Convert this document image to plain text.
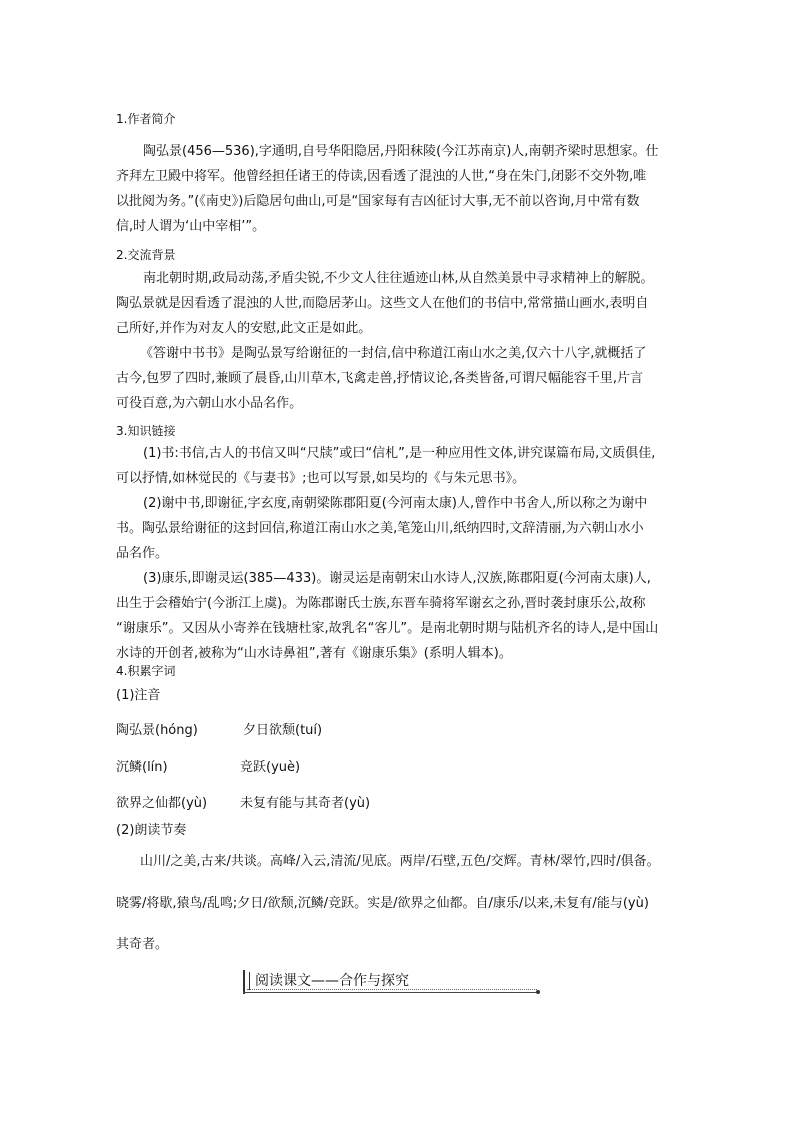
1.作者简介
陶弘景(456—536),字通明,自号华阳隐居,丹阳秣陵(今江苏南京)人,南朝齐梁时思想家。仕
齐拜左卫殿中将军。他曾经担任诸王的侍读,因看透了混浊的人世,“身在朱门,闭影不交外物,唯
以批阅为务。”(《南史》)后隐居句曲山,可是“国家每有吉凶征讨大事,无不前以咨询,月中常有数
信,时人谓为‘山中宰相’”。
2.交流背景
南北朝时期,政局动荡,矛盾尖锐,不少文人往往遁迹山林,从自然美景中寻求精神上的解脱。
陶弘景就是因看透了混浊的人世,而隐居茅山。这些文人在他们的书信中,常常描山画水,表明自
己所好,并作为对友人的安慰,此文正是如此。
《答谢中书书》是陶弘景写给谢征的一封信,信中称道江南山水之美,仅六十八字,就概括了
古今,包罗了四时,兼顾了晨昏,山川草木,飞禽走兽,抒情议论,各类皆备,可谓尺幅能容千里,片言
可役百意,为六朝山水小品名作。
3.知识链接
(1)书:书信,古人的书信又叫“尺牍”或曰“信札”,是一种应用性文体,讲究谋篇布局,文质俱佳,
可以抒情,如林觉民的《与妻书》;也可以写景,如吴均的《与朱元思书》。
(2)谢中书,即谢征,字玄度,南朝梁陈郡阳夏(今河南太康)人,曾作中书舍人,所以称之为谢中
书。陶弘景给谢征的这封回信,称道江南山水之美,笔笼山川,纸纳四时,文辞清丽,为六朝山水小
品名作。
(3)康乐,即谢灵运(385—433)。谢灵运是南朝宋山水诗人,汉族,陈郡阳夏(今河南太康)人,
出生于会稽始宁(今浙江上虞)。为陈郡谢氏士族,东晋车骑将军谢玄之孙,晋时袭封康乐公,故称
“谢康乐”。又因从小寄养在钱塘杜家,故乳名“客儿”。是南北朝时期与陆机齐名的诗人,是中国山
水诗的开创者,被称为“山水诗鼻祖”,著有《谢康乐集》(系明人辑本)。
4.积累字词
(1)注音
陶弘景(hóng)	夕日欲颓(tuí)
沉鳞(lín)	竞跃(yuè)
欲界之仙都(yù)	未复有能与其奇者(yù)
(2)朗读节奏
山川/之美,古来/共谈。高峰/入云,清流/见底。两岸/石壁,五色/交辉。青林/翠竹,四时/俱备。
晓雾/将歇,猿鸟/乱鸣;夕日/欲颓,沉鳞/竞跃。实是/欲界之仙都。自/康乐/以来,未复有/能与(yù)
其奇者。
阅读课文——合作与探究
